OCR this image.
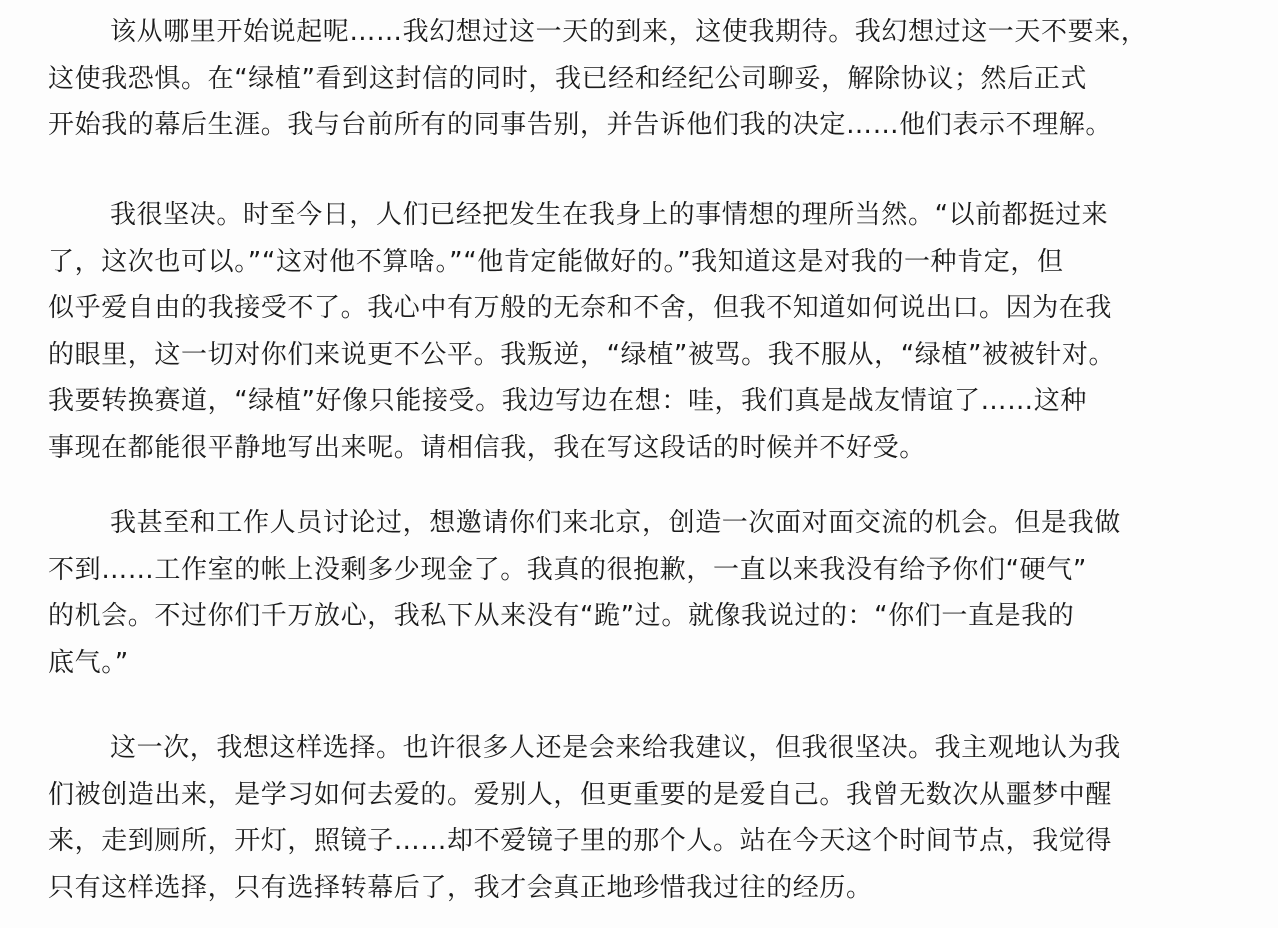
该从哪里开始说起呢……我幻想过这一天的到来，这使我期待。我幻想过这一天不要来，
这使我恐惧。在“绿植”看到这封信的同时，我已经和经纪公司聊妥，解除协议；然后正式
开始我的幕后生涯。我与台前所有的同事告别，并告诉他们我的决定……他们表示不理解。
我很坚决。时至今日，人们已经把发生在我身上的事情想的理所当然。“以前都挺过来
了，这次也可以。”“这对他不算啥。”“他肯定能做好的。”我知道这是对我的一种肯定，但
似乎爱自由的我接受不了。我心中有万般的无奈和不舍，但我不知道如何说出口。因为在我
的眼里，这一切对你们来说更不公平。我叛逆，“绿植”被骂。我不服从，“绿植”被被针对。
我要转换赛道，“绿植”好像只能接受。我边写边在想：哇，我们真是战友情谊了……这种
事现在都能很平静地写出来呢。请相信我，我在写这段话的时候并不好受。
我甚至和工作人员讨论过，想邀请你们来北京，创造一次面对面交流的机会。但是我做
不到……工作室的帐上没剩多少现金了。我真的很抱歉，一直以来我没有给予你们“硬气”
的机会。不过你们千万放心，我私下从来没有“跪”过。就像我说过的：“你们一直是我的
底气。”
这一次，我想这样选择。也许很多人还是会来给我建议，但我很坚决。我主观地认为我
们被创造出来，是学习如何去爱的。爱别人，但更重要的是爱自己。我曾无数次从噩梦中醒
来，走到厕所，开灯，照镜子……却不爱镜子里的那个人。站在今天这个时间节点，我觉得
只有这样选择，只有选择转幕后了，我才会真正地珍惜我过往的经历。
